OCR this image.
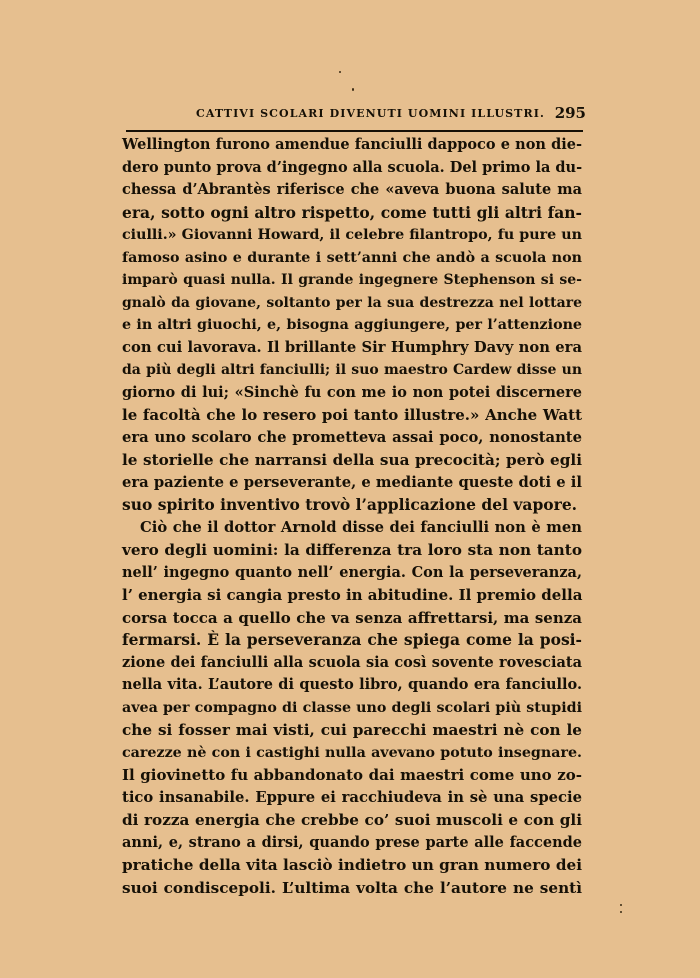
CATTIVI SCOLARI DIVENUTI UOMINI ILLUSTRI. 295
Wellington furono amendue fanciulli dappoco e non die-
dero punto prova d’ingegno alla scuola. Del primo la du-
chessa d’Abrantès riferisce che «aveva buona salute ma
era, sotto ogni altro rispetto, come tutti gli altri fan-
ciulli.» Giovanni Howard, il celebre filantropo, fu pure un
famoso asino e durante i sett’anni che andò a scuola non
imparò quasi nulla. Il grande ingegnere Stephenson si se-
gnalò da giovane, soltanto per la sua destrezza nel lottare
e in altri giuochi, e, bisogna aggiungere, per l’attenzione
con cui lavorava. Il brillante Sir Humphry Davy non era
da più degli altri fanciulli; il suo maestro Cardew disse un
giorno di lui; «Sinchè fu con me io non potei discernere
le facoltà che lo resero poi tanto illustre.» Anche Watt
era uno scolaro che prometteva assai poco, nonostante
le storielle che narransi della sua precocità; però egli
era paziente e perseverante, e mediante queste doti e il
suo spirito inventivo trovò l’applicazione del vapore.
Ciò che il dottor Arnold disse dei fanciulli non è men
vero degli uomini: la differenza tra loro sta non tanto
nell’ ingegno quanto nell’ energia. Con la perseveranza,
l’ energia si cangia presto in abitudine. Il premio della
corsa tocca a quello che va senza affrettarsi, ma senza
fermarsi. È la perseveranza che spiega come la posi-
zione dei fanciulli alla scuola sia così sovente rovesciata
nella vita. L’autore di questo libro, quando era fanciullo.
avea per compagno di classe uno degli scolari più stupidi
che si fosser mai visti, cui parecchi maestri nè con le
carezze nè con i castighi nulla avevano potuto insegnare.
Il giovinetto fu abbandonato dai maestri come uno zo-
tico insanabile. Eppure ei racchiudeva in sè una specie
di rozza energia che crebbe co’ suoi muscoli e con gli
anni, e, strano a dirsi, quando prese parte alle faccende
pratiche della vita lasciò indietro un gran numero dei
suoi condiscepoli. L’ultima volta che l’autore ne sentì
